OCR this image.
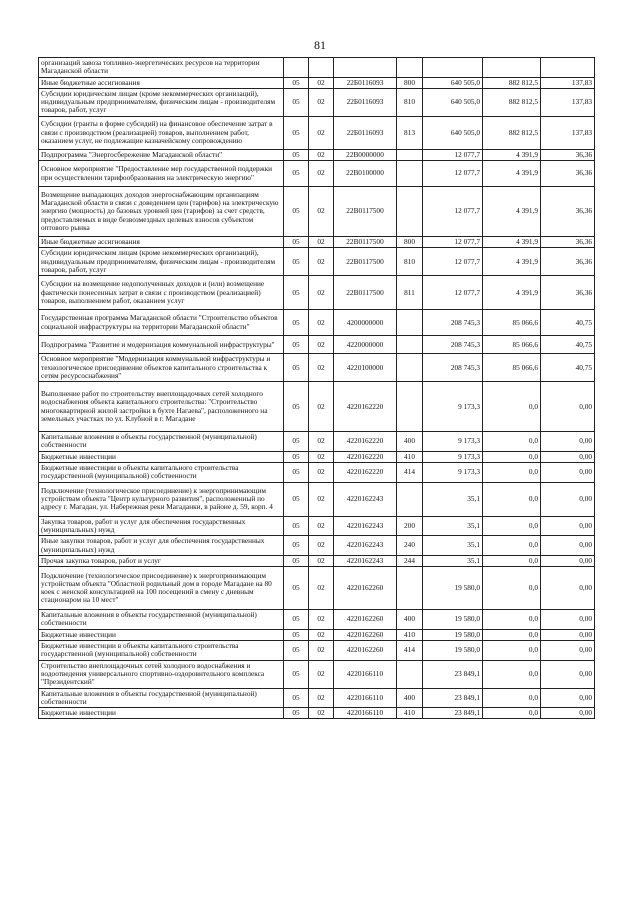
81
организаций завоза топливно-энергетических ресурсов на территории Магаданской области							
Иные бюджетные ассигнования	05	02	22Б0116093	800	640 505,0	882 812,5	137,83
Субсидии юридическим лицам (кроме некоммерческих организаций), индивидуальным предпринимателям, физическим лицам - производителям товаров, работ, услуг	05	02	22Б0116093	810	640 505,0	882 812,5	137,83
Субсидии (гранты в форме субсидий) на финансовое обеспечение затрат в связи с производством (реализацией) товаров, выполнением работ, оказанием услуг, не подлежащие казначейскому сопровождению	05	02	22Б0116093	813	640 505,0	882 812,5	137,83
Подпрограмма "Энергосбережение Магаданской области"	05	02	22В0000000		12 077,7	4 391,9	36,36
Основное мероприятие "Предоставление мер государственной поддержки при осуществлении тарифообразования на электрическую энергию"	05	02	22В0100000		12 077,7	4 391,9	36,36
Возмещение выпадающих доходов энергоснабжающим организациям Магаданской области в связи с доведением цен (тарифов) на электрическую энергию (мощность) до базовых уровней цен (тарифов) за счет средств, предоставляемых в виде безвозмездных целевых взносов субъектом оптового рынка	05	02	22В0117500		12 077,7	4 391,9	36,36
Иные бюджетные ассигнования	05	02	22В0117500	800	12 077,7	4 391,9	36,36
Субсидии юридическим лицам (кроме некоммерческих организаций), индивидуальным предпринимателям, физическим лицам - производителям товаров, работ, услуг	05	02	22В0117500	810	12 077,7	4 391,9	36,36
Субсидии на возмещение недополученных доходов и (или) возмещение фактически понесенных затрат в связи с производством (реализацией) товаров, выполнением работ, оказанием услуг	05	02	22В0117500	811	12 077,7	4 391,9	36,36
Государственная программа Магаданской области "Строительство объектов социальной инфраструктуры на территории Магаданской области"	05	02	4200000000		208 745,3	85 066,6	40,75
Подпрограмма "Развитие и модернизация коммунальной инфраструктуры"	05	02	4220000000		208 745,3	85 066,6	40,75
Основное мероприятие "Модернизация коммунальной инфраструктуры и технологическое присоединение объектов капитального строительства к сетям ресурсоснабжения"	05	02	4220100000		208 745,3	85 066,6	40,75
Выполнение работ по строительству внеплощадочных сетей холодного водоснабжения объекта капитального строительства: "Строительство многоквартирной жилой застройки в бухте Нагаева", расположенного на земельных участках по ул. Клубной в г. Магадане	05	02	4220162220		9 173,3	0,0	0,00
Капитальные вложения в объекты государственной (муниципальной) собственности	05	02	4220162220	400	9 173,3	0,0	0,00
Бюджетные инвестиции	05	02	4220162220	410	9 173,3	0,0	0,00
Бюджетные инвестиции в объекты капитального строительства государственной (муниципальной) собственности	05	02	4220162220	414	9 173,3	0,0	0,00
Подключение (технологическое присоединение) к энергопринимающим устройствам объекта "Центр культурного развития", расположенный по адресу г. Магадан, ул. Набережная реки Магаданки, в районе д. 59, корп. 4	05	02	4220162243		35,1	0,0	0,00
Закупка товаров, работ и услуг для обеспечения государственных (муниципальных) нужд	05	02	4220162243	200	35,1	0,0	0,00
Иные закупки товаров, работ и услуг для обеспечения государственных (муниципальных) нужд	05	02	4220162243	240	35,1	0,0	0,00
Прочая закупка товаров, работ и услуг	05	02	4220162243	244	35,1	0,0	0,00
Подключение (технологическое присоединение) к энергопринимающим устройствам объекта "Областной родильный дом в городе Магадане на 80 коек с женской консультацией на 100 посещений в смену с дневным стационаром на 10 мест"	05	02	4220162260		19 580,0	0,0	0,00
Капитальные вложения в объекты государственной (муниципальной) собственности	05	02	4220162260	400	19 580,0	0,0	0,00
Бюджетные инвестиции	05	02	4220162260	410	19 580,0	0,0	0,00
Бюджетные инвестиции в объекты капитального строительства государственной (муниципальной) собственности	05	02	4220162260	414	19 580,0	0,0	0,00
Строительство внеплощадочных сетей холодного водоснабжения и водоотведения универсального спортивно-оздоровительного комплекса "Президентский"	05	02	4220166110		23 849,1	0,0	0,00
Капитальные вложения в объекты государственной (муниципальной) собственности	05	02	4220166110	400	23 849,1	0,0	0,00
Бюджетные инвестиции	05	02	4220166110	410	23 849,1	0,0	0,00
